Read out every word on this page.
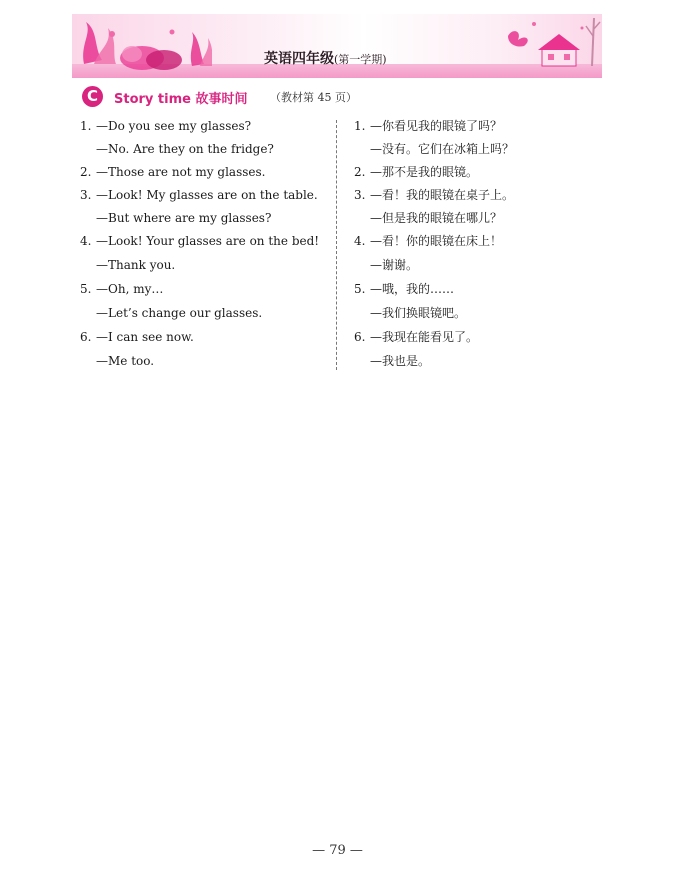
英语四年级(第一学期)
C	Story time 故事时间 （教材第 45 页）
1. —Do you see my glasses?
—No. Are they on the fridge?
2. —Those are not my glasses.
3. —Look! My glasses are on the table.
—But where are my glasses?
4. —Look! Your glasses are on the bed!
—Thank you.
5. —Oh, my…
—Let’s change our glasses.
6. —I can see now.
—Me too.
1. —你看见我的眼镜了吗？
—没有。它们在冰箱上吗？
2. —那不是我的眼镜。
3. —看！我的眼镜在桌子上。
—但是我的眼镜在哪儿？
4. —看！你的眼镜在床上！
—谢谢。
5. —哦，我的……
—我们换眼镜吧。
6. —我现在能看见了。
—我也是。
— 79 —
